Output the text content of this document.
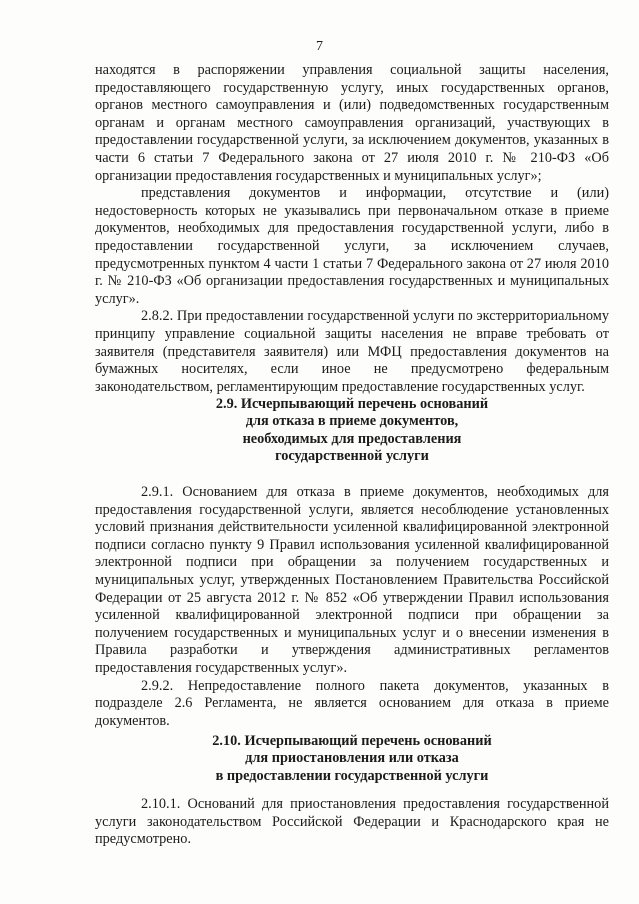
7

находятся в распоряжении управления социальной защиты населения, предоставляющего государственную услугу, иных государственных органов, органов местного самоуправления и (или) подведомственных государственным органам и органам местного самоуправления организаций, участвующих в предоставлении государственной услуги, за исключением документов, указанных в части 6 статьи 7 Федерального закона от 27 июля 2010 г. № 210-ФЗ «Об организации предоставления государственных и муниципальных услуг»;

представления документов и информации, отсутствие и (или) недостоверность которых не указывались при первоначальном отказе в приеме документов, необходимых для предоставления государственной услуги, либо в предоставлении государственной услуги, за исключением случаев, предусмотренных пунктом 4 части 1 статьи 7 Федерального закона от 27 июля 2010 г. № 210-ФЗ «Об организации предоставления государственных и муниципальных услуг».

2.8.2. При предоставлении государственной услуги по экстерриториальному принципу управление социальной защиты населения не вправе требовать от заявителя (представителя заявителя) или МФЦ предоставления документов на бумажных носителях, если иное не предусмотрено федеральным законодательством, регламентирующим предоставление государственных услуг.

2.9. Исчерпывающий перечень оснований
для отказа в приеме документов,
необходимых для предоставления
государственной услуги

2.9.1. Основанием для отказа в приеме документов, необходимых для предоставления государственной услуги, является несоблюдение установленных условий признания действительности усиленной квалифицированной электронной подписи согласно пункту 9 Правил использования усиленной квалифицированной электронной подписи при обращении за получением государственных и муниципальных услуг, утвержденных Постановлением Правительства Российской Федерации от 25 августа 2012 г. № 852 «Об утверждении Правил использования усиленной квалифицированной электронной подписи при обращении за получением государственных и муниципальных услуг и о внесении изменения в Правила разработки и утверждения административных регламентов предоставления государственных услуг».

2.9.2. Непредоставление полного пакета документов, указанных в подразделе 2.6 Регламента, не является основанием для отказа в приеме документов.

2.10. Исчерпывающий перечень оснований
для приостановления или отказа
в предоставлении государственной услуги

2.10.1. Оснований для приостановления предоставления государственной услуги законодательством Российской Федерации и Краснодарского края не предусмотрено.
